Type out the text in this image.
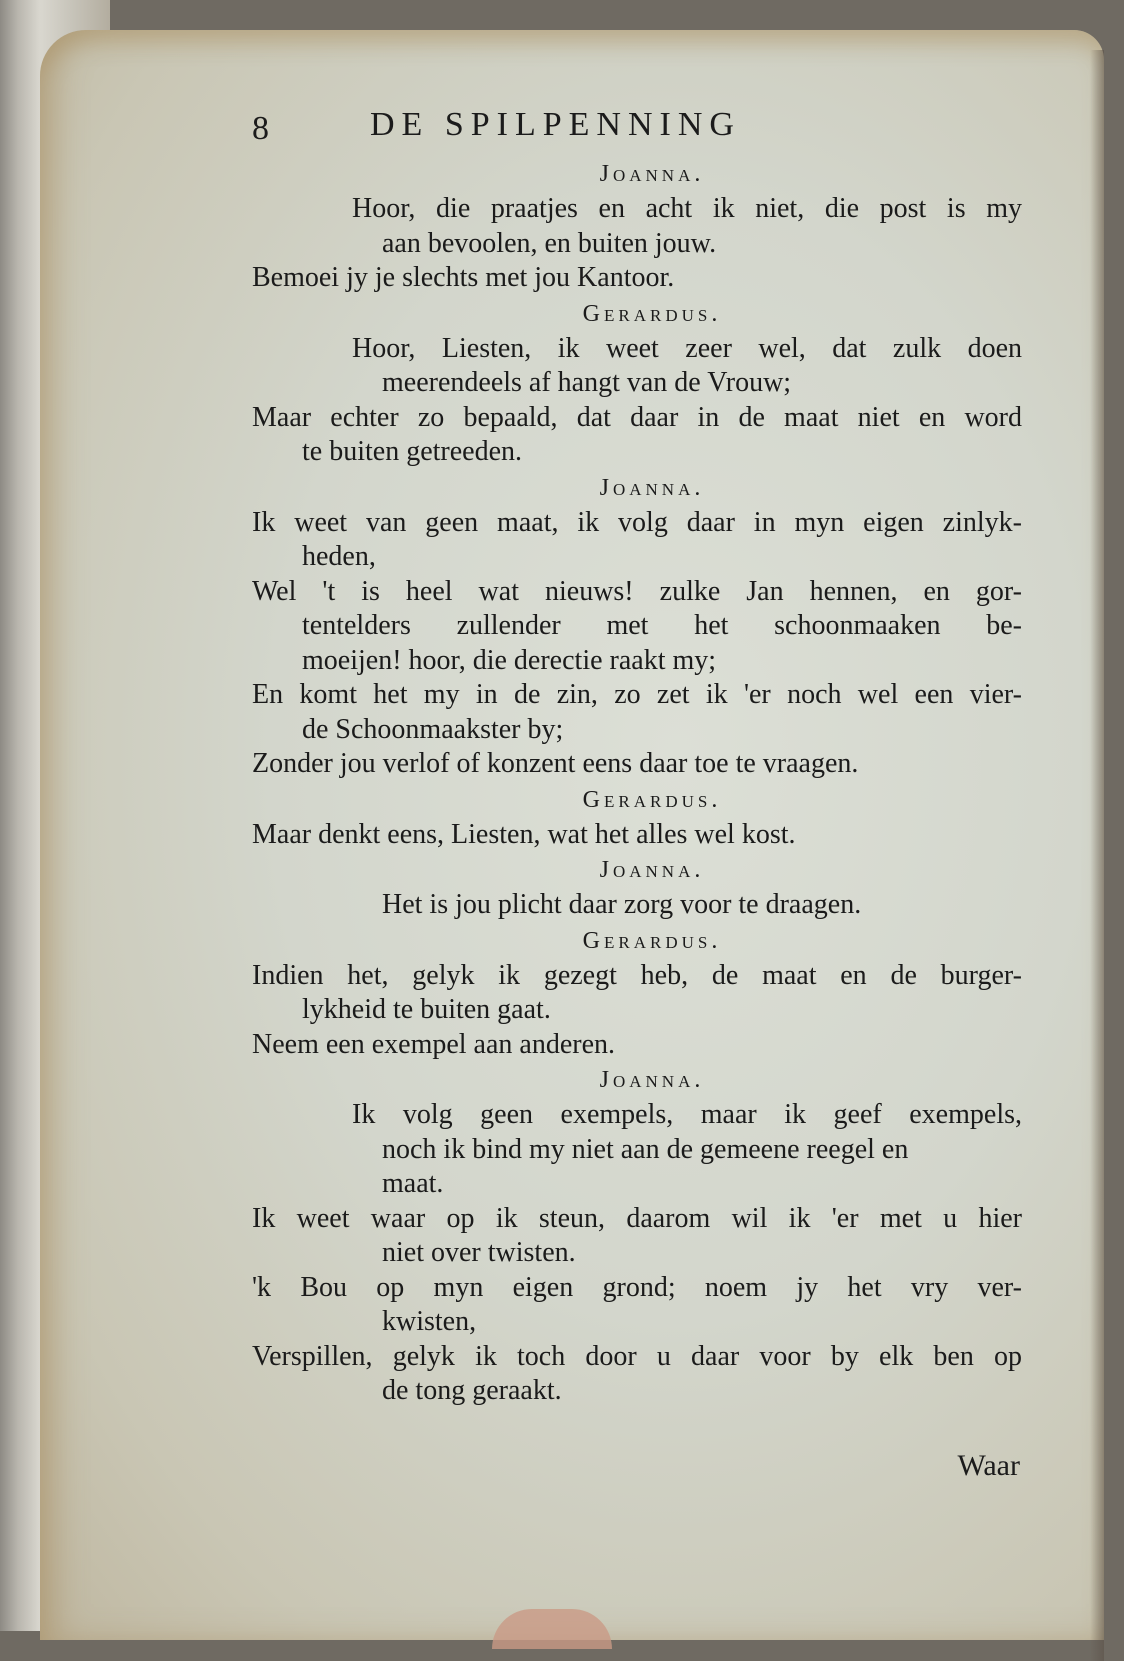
8	DE SPILPENNING
Joanna.
Hoor, die praatjes en acht ik niet, die post is my
aan bevoolen, en buiten jouw.
Bemoei jy je slechts met jou Kantoor.
Gerardus.
Hoor, Liesten, ik weet zeer wel, dat zulk doen
meerendeels af hangt van de Vrouw;
Maar echter zo bepaald, dat daar in de maat niet en word
te buiten getreeden.
Joanna.
Ik weet van geen maat, ik volg daar in myn eigen zinlyk-
heden,
Wel 't is heel wat nieuws! zulke Jan hennen, en gor-
tentelders zullender met het schoonmaaken be-
moeijen! hoor, die derectie raakt my;
En komt het my in de zin, zo zet ik 'er noch wel een vier-
de Schoonmaakster by;
Zonder jou verlof of konzent eens daar toe te vraagen.
Gerardus.
Maar denkt eens, Liesten, wat het alles wel kost.
Joanna.
Het is jou plicht daar zorg voor te draagen.
Gerardus.
Indien het, gelyk ik gezegt heb, de maat en de burger-
lykheid te buiten gaat.
Neem een exempel aan anderen.
Joanna.
Ik volg geen exempels, maar ik geef exempels,
noch ik bind my niet aan de gemeene reegel en
maat.
Ik weet waar op ik steun, daarom wil ik 'er met u hier
niet over twisten.
'k Bou op myn eigen grond; noem jy het vry ver-
kwisten,
Verspillen, gelyk ik toch door u daar voor by elk ben op
de tong geraakt.
Waar
